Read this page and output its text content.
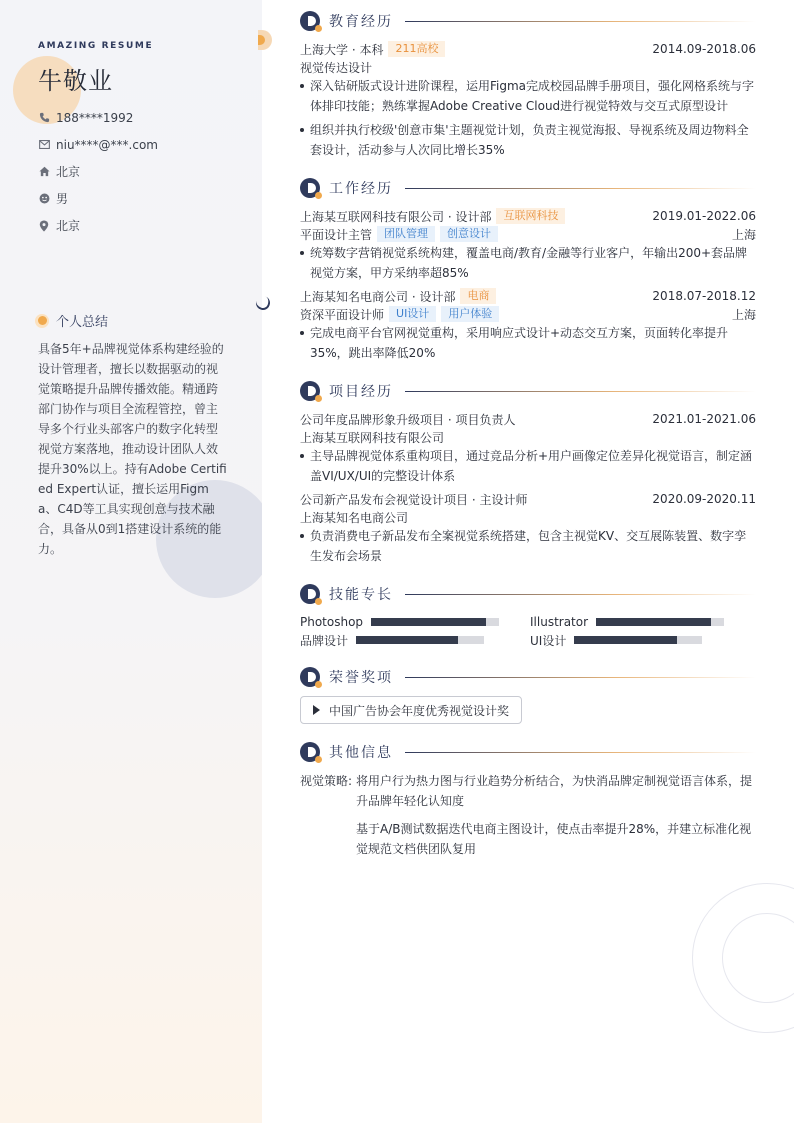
AMAZING RESUME
牛敬业
188****1992
niu****@***.com
北京
男
北京
个人总结
具备5年+品牌视觉体系构建经验的设计管理者，擅长以数据驱动的视觉策略提升品牌传播效能。精通跨部门协作与项目全流程管控，曾主导多个行业头部客户的数字化转型视觉方案落地，推动设计团队人效提升30%以上。持有Adobe Certified Expert认证，擅长运用Figma、C4D等工具实现创意与技术融合，具备从0到1搭建设计系统的能力。
教育经历
上海大学 · 本科	211高校	2014.09-2018.06
视觉传达设计
深入钻研版式设计进阶课程，运用Figma完成校园品牌手册项目，强化网格系统与字体排印技能；熟练掌握Adobe Creative Cloud进行视觉特效与交互式原型设计
组织并执行校级'创意市集'主题视觉计划，负责主视觉海报、导视系统及周边物料全套设计，活动参与人次同比增长35%
工作经历
上海某互联网科技有限公司 · 设计部	互联网科技	2019.01-2022.06
平面设计主管	团队管理	创意设计	上海
统筹数字营销视觉系统构建，覆盖电商/教育/金融等行业客户，年输出200+套品牌视觉方案，甲方采纳率超85%
上海某知名电商公司 · 设计部	电商	2018.07-2018.12
资深平面设计师	UI设计	用户体验	上海
完成电商平台官网视觉重构，采用响应式设计+动态交互方案，页面转化率提升35%，跳出率降低20%
项目经历
公司年度品牌形象升级项目 · 项目负责人	2021.01-2021.06
上海某互联网科技有限公司
主导品牌视觉体系重构项目，通过竞品分析+用户画像定位差异化视觉语言，制定涵盖VI/UX/UI的完整设计体系
公司新产品发布会视觉设计项目 · 主设计师	2020.09-2020.11
上海某知名电商公司
负责消费电子新品发布全案视觉系统搭建，包含主视觉KV、交互展陈装置、数字孪生发布会场景
技能专长
Photoshop	Illustrator
品牌设计	UI设计
荣誉奖项
中国广告协会年度优秀视觉设计奖
其他信息
视觉策略: 将用户行为热力图与行业趋势分析结合，为快消品牌定制视觉语言体系，提升品牌年轻化认知度
基于A/B测试数据迭代电商主图设计，使点击率提升28%，并建立标准化视觉规范文档供团队复用
